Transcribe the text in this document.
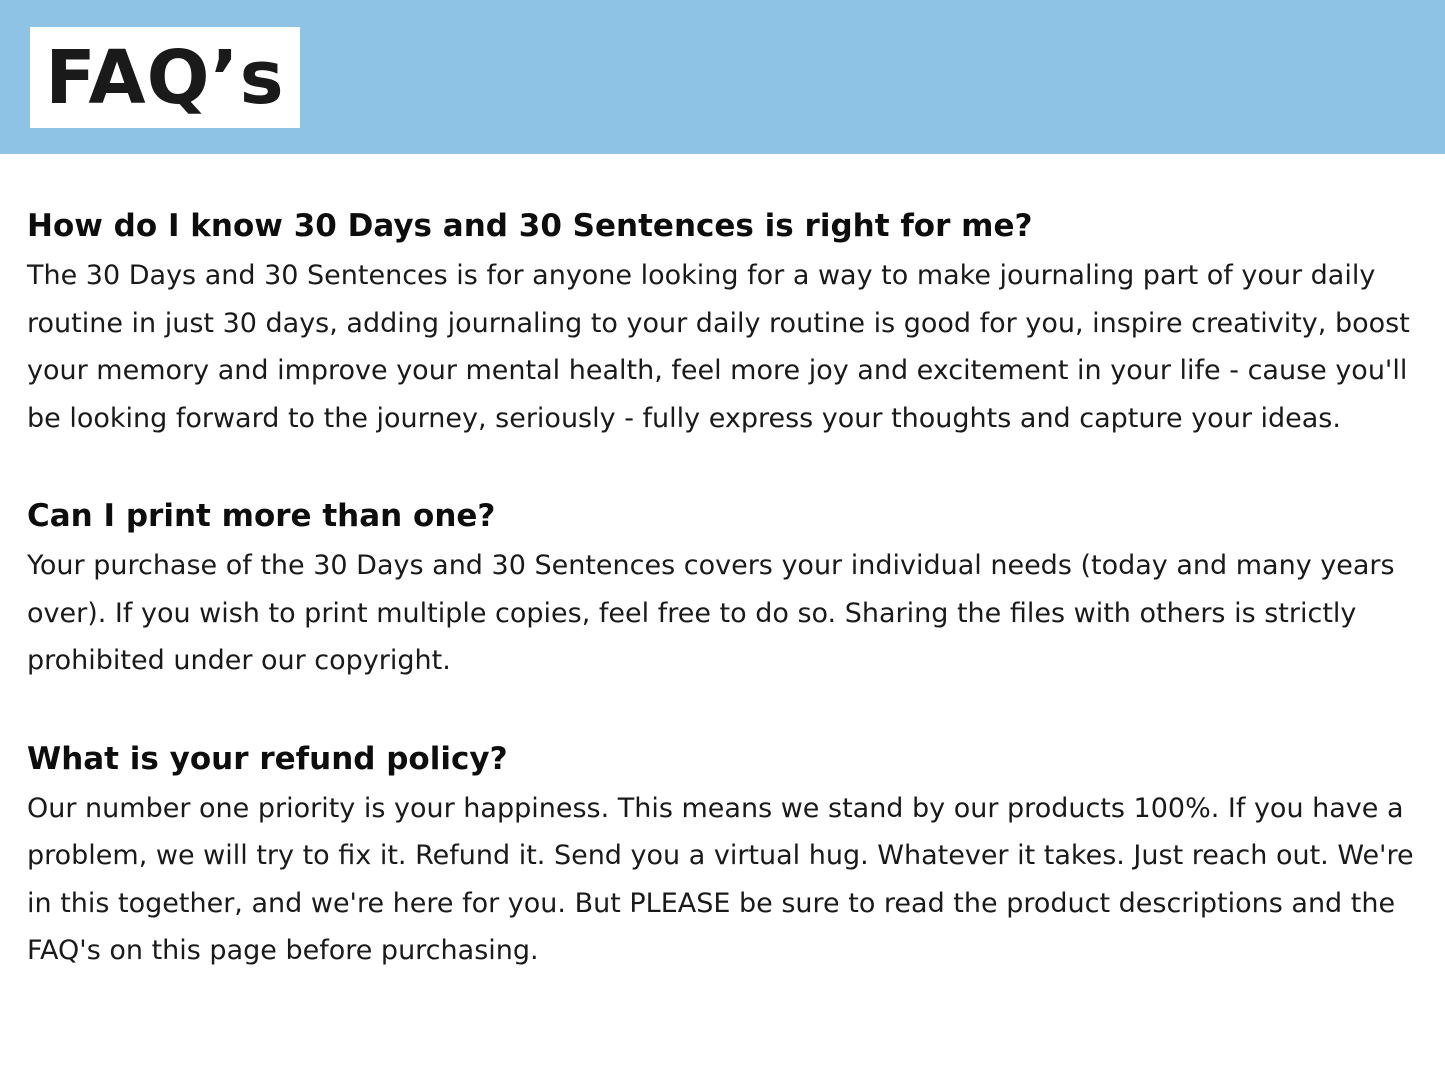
FAQ’s

How do I know 30 Days and 30 Sentences is right for me?

The 30 Days and 30 Sentences is for anyone looking for a way to make journaling part of your daily routine in just 30 days, adding journaling to your daily routine is good for you, inspire creativity, boost your memory and improve your mental health, feel more joy and excitement in your life - cause you'll be looking forward to the journey, seriously - fully express your thoughts and capture your ideas.

Can I print more than one?

Your purchase of the 30 Days and 30 Sentences covers your individual needs (today and many years over). If you wish to print multiple copies, feel free to do so. Sharing the files with others is strictly prohibited under our copyright.

What is your refund policy?

Our number one priority is your happiness. This means we stand by our products 100%. If you have a problem, we will try to fix it. Refund it. Send you a virtual hug. Whatever it takes. Just reach out. We're in this together, and we're here for you. But PLEASE be sure to read the product descriptions and the FAQ's on this page before purchasing.
